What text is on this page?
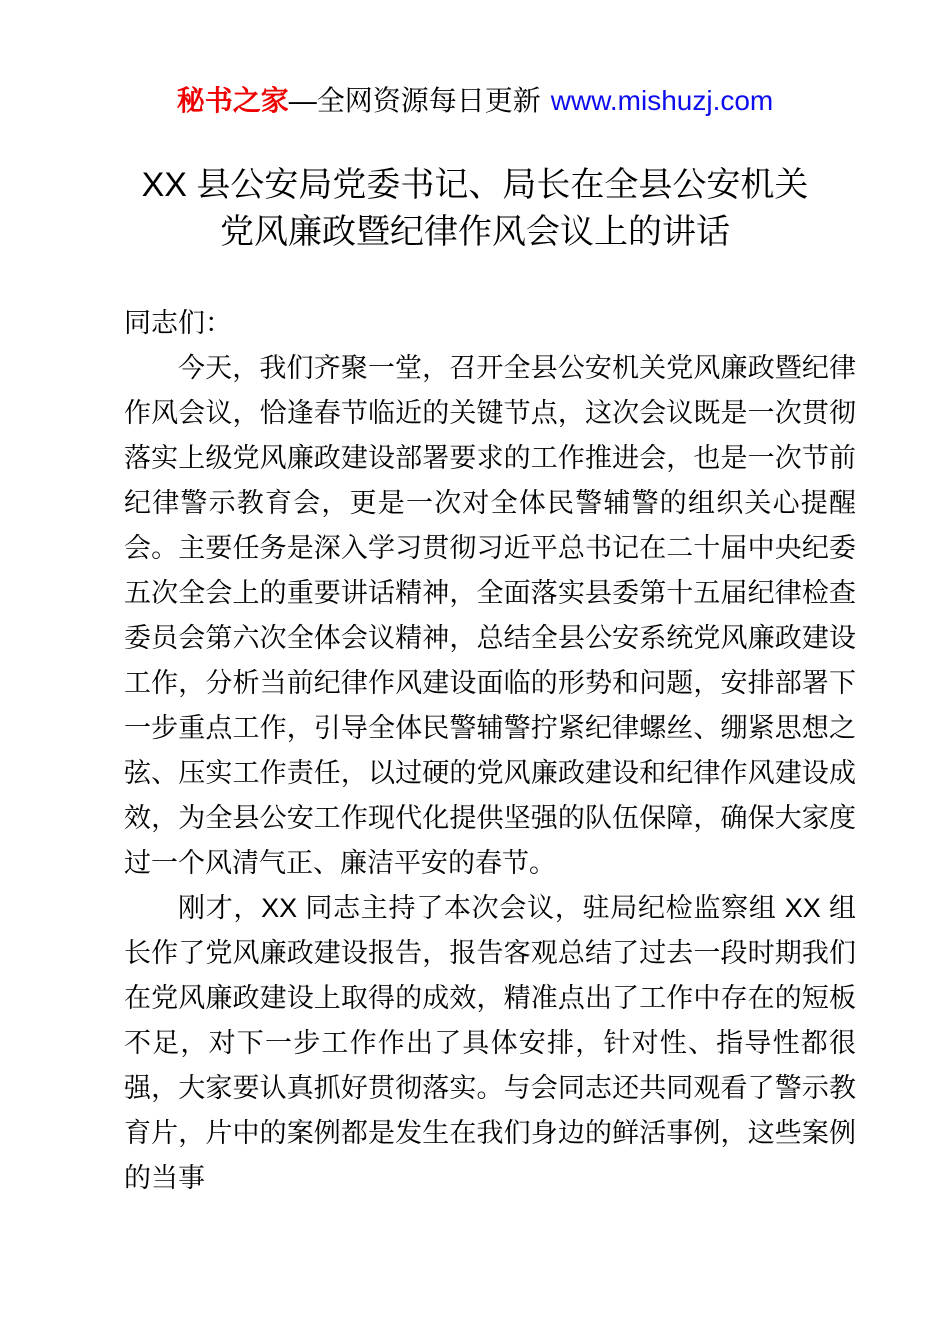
秘书之家—全网资源每日更新 www.mishuzj.com
XX 县公安局党委书记、局长在全县公安机关
党风廉政暨纪律作风会议上的讲话

同志们：

今天，我们齐聚一堂，召开全县公安机关党风廉政暨纪律作风会议，恰逢春节临近的关键节点，这次会议既是一次贯彻落实上级党风廉政建设部署要求的工作推进会，也是一次节前纪律警示教育会，更是一次对全体民警辅警的组织关心提醒会。主要任务是深入学习贯彻习近平总书记在二十届中央纪委五次全会上的重要讲话精神，全面落实县委第十五届纪律检查委员会第六次全体会议精神，总结全县公安系统党风廉政建设工作，分析当前纪律作风建设面临的形势和问题，安排部署下一步重点工作，引导全体民警辅警拧紧纪律螺丝、绷紧思想之弦、压实工作责任，以过硬的党风廉政建设和纪律作风建设成效，为全县公安工作现代化提供坚强的队伍保障，确保大家度过一个风清气正、廉洁平安的春节。

刚才，XX 同志主持了本次会议，驻局纪检监察组 XX 组长作了党风廉政建设报告，报告客观总结了过去一段时期我们在党风廉政建设上取得的成效，精准点出了工作中存在的短板不足，对下一步工作作出了具体安排，针对性、指导性都很强，大家要认真抓好贯彻落实。与会同志还共同观看了警示教育片，片中的案例都是发生在我们身边的鲜活事例，这些案例的当事
